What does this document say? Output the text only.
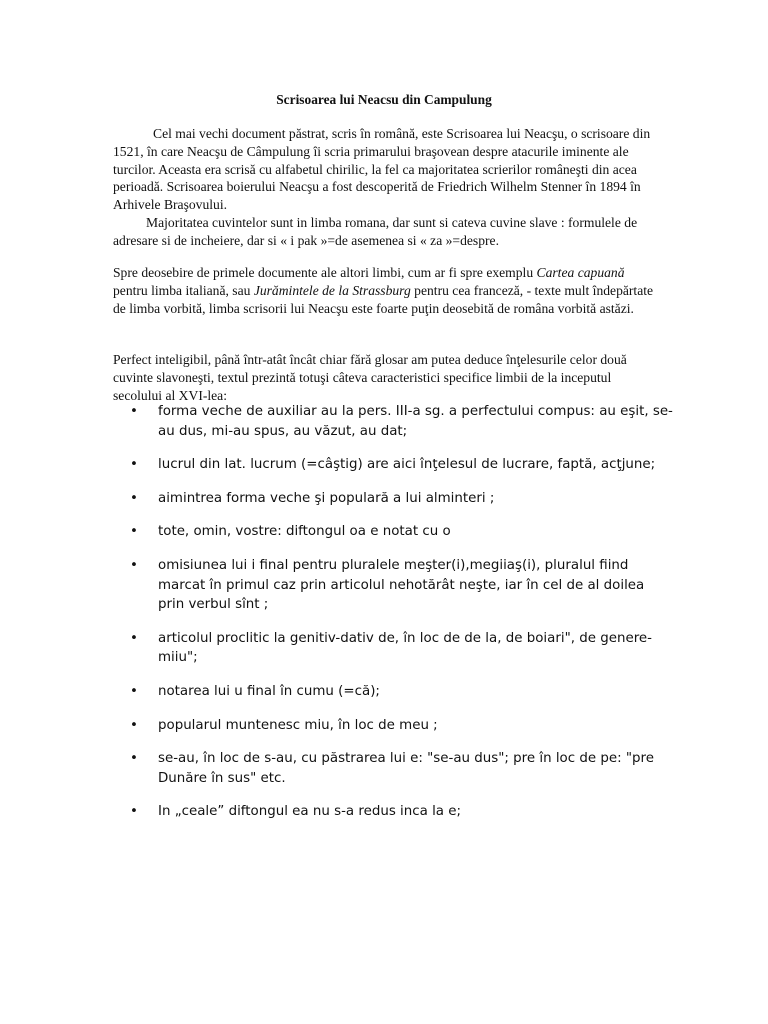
Scrisoarea lui Neacsu din Campulung

Cel mai vechi document păstrat, scris în română, este Scrisoarea lui Neacşu, o scrisoare din 1521, în care Neacşu de Câmpulung îi scria primarului braşovean despre atacurile iminente ale turcilor. Aceasta era scrisă cu alfabetul chirilic, la fel ca majoritatea scrierilor româneşti din acea perioadă. Scrisoarea boierului Neacşu a fost descoperită de Friedrich Wilhelm Stenner în 1894 în Arhivele Braşovului.

Majoritatea cuvintelor sunt in limba romana, dar sunt si cateva cuvine slave : formulele de adresare si de incheiere, dar si « i pak »=de asemenea si « za »=despre.

Spre deosebire de primele documente ale altori limbi, cum ar fi spre exemplu Cartea capuană pentru limba italiană, sau Jurămintele de la Strassburg pentru cea franceză, - texte mult îndepărtate de limba vorbită, limba scrisorii lui Neacşu este foarte puţin deosebită de româna vorbită astăzi.

Perfect inteligibil, până într-atât încât chiar fără glosar am putea deduce înţelesurile celor două cuvinte slavoneşti, textul prezintă totuşi câteva caracteristici specifice limbii de la inceputul secolului al XVI-lea:

• forma veche de auxiliar au la pers. III-a sg. a perfectului compus: au eşit, se-au dus, mi-au spus, au văzut, au dat;
• lucrul din lat. lucrum (=câştig) are aici înţelesul de lucrare, faptă, acţjune;
• aimintrea forma veche şi populară a lui alminteri ;
• tote, omin, vostre: diftongul oa e notat cu o
• omisiunea lui i final pentru pluralele meşter(i),megiiaş(i), pluralul fiind marcat în primul caz prin articolul nehotărât neşte, iar în cel de al doilea prin verbul sînt ;
• articolul proclitic la genitiv-dativ de, în loc de de la, de boiari", de genere-miiu";
• notarea lui u final în cumu (=că);
• popularul muntenesc miu, în loc de meu ;
• se-au, în loc de s-au, cu păstrarea lui e: "se-au dus"; pre în loc de pe: "pre Dunăre în sus" etc.
• In „ceale” diftongul ea nu s-a redus inca la e;
